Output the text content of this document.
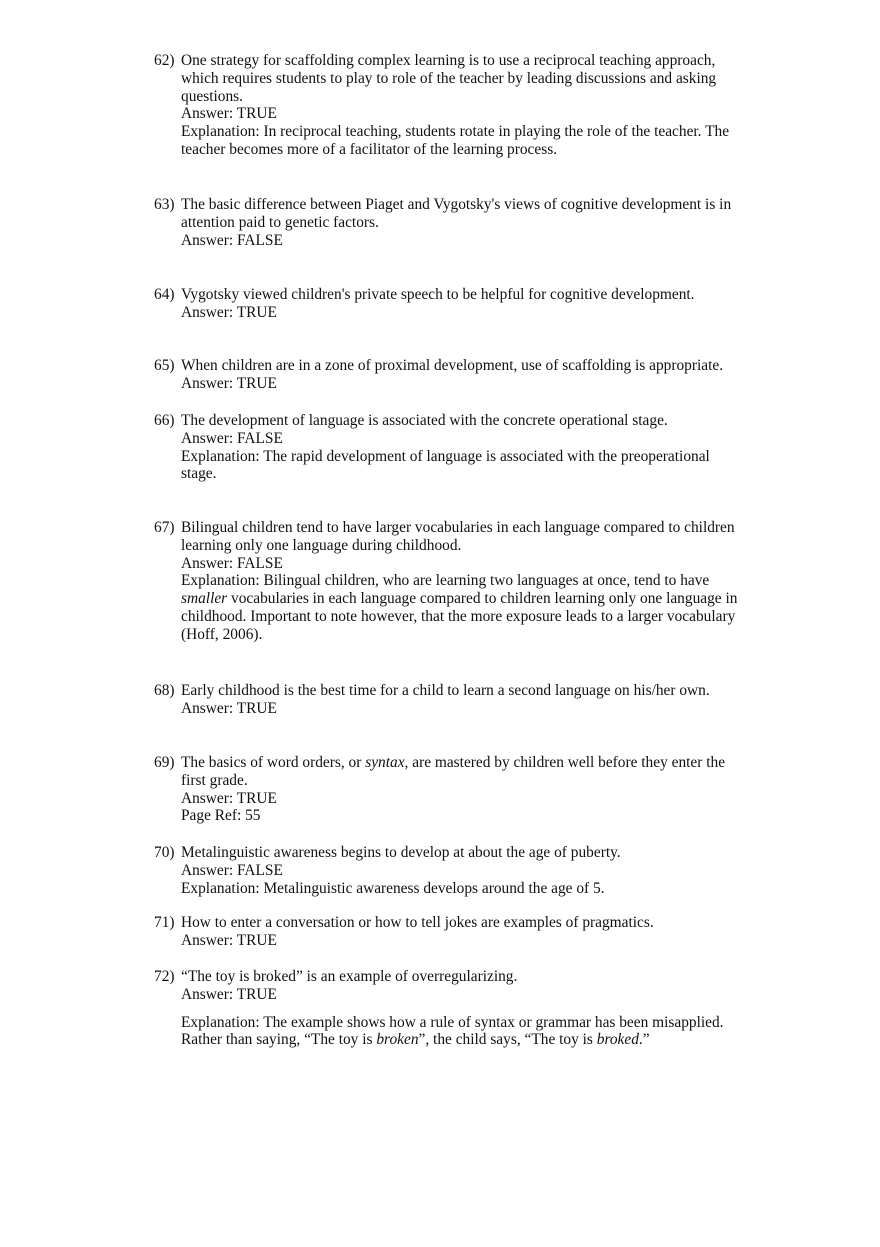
62) One strategy for scaffolding complex learning is to use a reciprocal teaching approach, which requires students to play to role of the teacher by leading discussions and asking questions.
Answer: TRUE
Explanation: In reciprocal teaching, students rotate in playing the role of the teacher. The teacher becomes more of a facilitator of the learning process.
63) The basic difference between Piaget and Vygotsky's views of cognitive development is in attention paid to genetic factors.
Answer: FALSE
64) Vygotsky viewed children's private speech to be helpful for cognitive development.
Answer: TRUE
65) When children are in a zone of proximal development, use of scaffolding is appropriate.
Answer: TRUE
66) The development of language is associated with the concrete operational stage.
Answer: FALSE
Explanation: The rapid development of language is associated with the preoperational stage.
67) Bilingual children tend to have larger vocabularies in each language compared to children learning only one language during childhood.
Answer: FALSE
Explanation: Bilingual children, who are learning two languages at once, tend to have smaller vocabularies in each language compared to children learning only one language in childhood. Important to note however, that the more exposure leads to a larger vocabulary (Hoff, 2006).
68) Early childhood is the best time for a child to learn a second language on his/her own.
Answer: TRUE
69) The basics of word orders, or syntax, are mastered by children well before they enter the first grade.
Answer: TRUE
Page Ref: 55
70) Metalinguistic awareness begins to develop at about the age of puberty.
Answer: FALSE
Explanation: Metalinguistic awareness develops around the age of 5.
71) How to enter a conversation or how to tell jokes are examples of pragmatics.
Answer: TRUE
72) “The toy is broked” is an example of overregularizing.
Answer: TRUE
Explanation: The example shows how a rule of syntax or grammar has been misapplied. Rather than saying, “The toy is broken”, the child says, “The toy is broked.”
